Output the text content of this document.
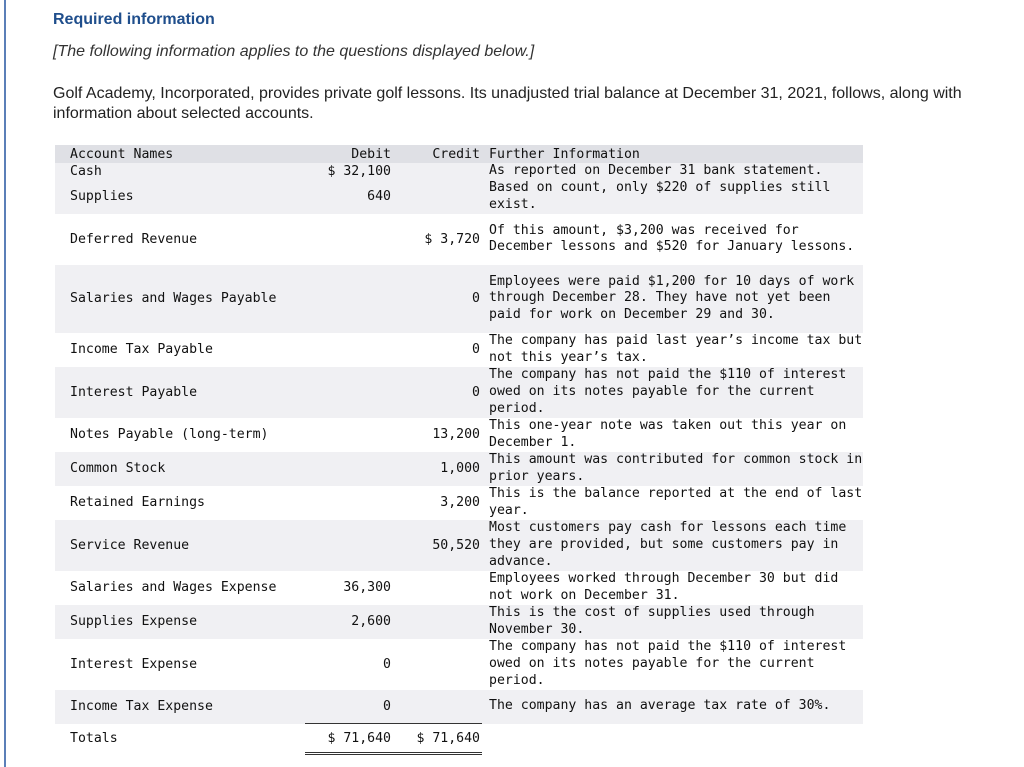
Required information
[The following information applies to the questions displayed below.]
Golf Academy, Incorporated, provides private golf lessons. Its unadjusted trial balance at December 31, 2021, follows, along with information about selected accounts.
Account Names	Debit	Credit	Further Information
Cash	$ 32,100		As reported on December 31 bank statement.
Supplies	640		Based on count, only $220 of supplies still exist.
Deferred Revenue		$ 3,720	Of this amount, $3,200 was received for December lessons and $520 for January lessons.
Salaries and Wages Payable		0	Employees were paid $1,200 for 10 days of work through December 28. They have not yet been paid for work on December 29 and 30.
Income Tax Payable		0	The company has paid last year’s income tax but not this year’s tax.
Interest Payable		0	The company has not paid the $110 of interest owed on its notes payable for the current period.
Notes Payable (long-term)		13,200	This one-year note was taken out this year on December 1.
Common Stock		1,000	This amount was contributed for common stock in prior years.
Retained Earnings		3,200	This is the balance reported at the end of last year.
Service Revenue		50,520	Most customers pay cash for lessons each time they are provided, but some customers pay in advance.
Salaries and Wages Expense	36,300		Employees worked through December 30 but did not work on December 31.
Supplies Expense	2,600		This is the cost of supplies used through November 30.
Interest Expense	0		The company has not paid the $110 of interest owed on its notes payable for the current period.
Income Tax Expense	0		The company has an average tax rate of 30%.
Totals	$ 71,640	$ 71,640	
